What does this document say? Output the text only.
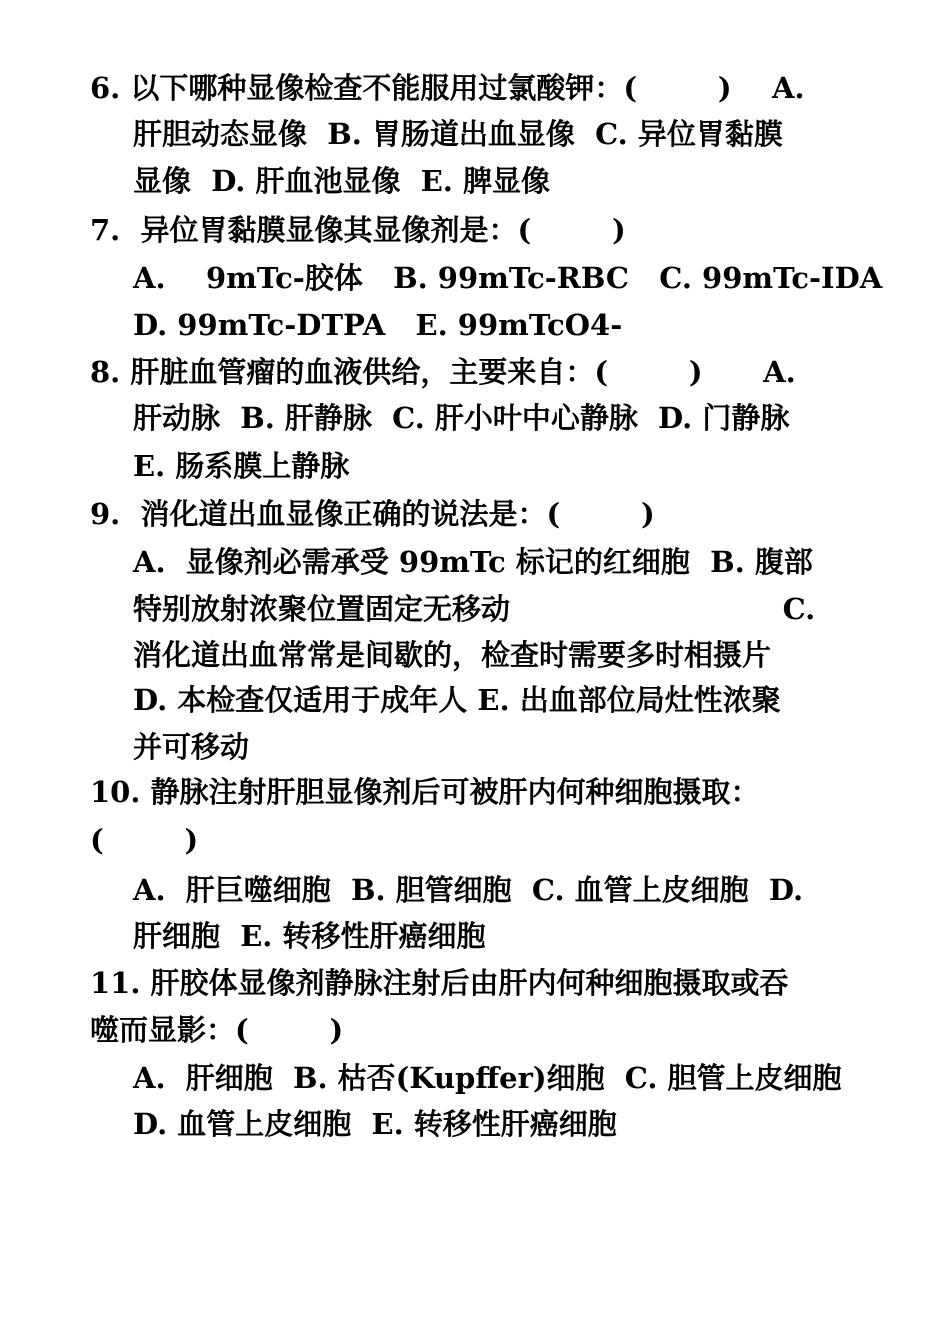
6. 以下哪种显像检查不能服用过氯酸钾：(        )    A.
肝胆动态显像  B. 胃肠道出血显像  C. 异位胃黏膜
显像  D. 肝血池显像  E. 脾显像
7.  异位胃黏膜显像其显像剂是：(        )
A.    9mTc-胶体   B. 99mTc-RBC   C. 99mTc-IDA
D. 99mTc-DTPA   E. 99mTcO4-
8. 肝脏血管瘤的血液供给，主要来自：(        )      A.
肝动脉  B. 肝静脉  C. 肝小叶中心静脉  D. 门静脉
E. 肠系膜上静脉
9.  消化道出血显像正确的说法是：(        )
A.  显像剂必需承受 99mTc 标记的红细胞  B. 腹部
特别放射浓聚位置固定无移动                           C.
消化道出血常常是间歇的，检查时需要多时相摄片
D. 本检查仅适用于成年人 E. 出血部位局灶性浓聚
并可移动
10. 静脉注射肝胆显像剂后可被肝内何种细胞摄取：
(        )
A.  肝巨噬细胞  B. 胆管细胞  C. 血管上皮细胞  D.
肝细胞  E. 转移性肝癌细胞
11. 肝胶体显像剂静脉注射后由肝内何种细胞摄取或吞
噬而显影：(        )
A.  肝细胞  B. 枯否(Kupffer)细胞  C. 胆管上皮细胞
D. 血管上皮细胞  E. 转移性肝癌细胞
